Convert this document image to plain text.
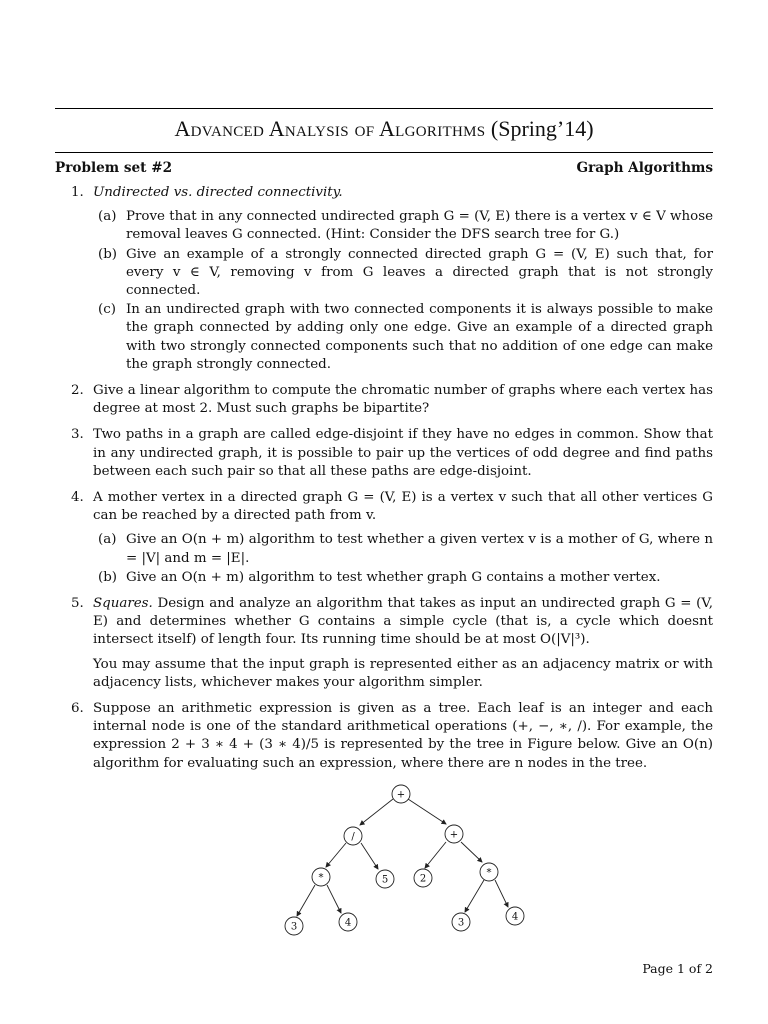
Advanced Analysis of Algorithms (Spring’14)
Problem set #2	Graph Algorithms
1. Undirected vs. directed connectivity.
(a) Prove that in any connected undirected graph G = (V, E) there is a vertex v ∈ V whose removal leaves G connected. (Hint: Consider the DFS search tree for G.)
(b) Give an example of a strongly connected directed graph G = (V, E) such that, for every v ∈ V, removing v from G leaves a directed graph that is not strongly connected.
(c) In an undirected graph with two connected components it is always possible to make the graph connected by adding only one edge. Give an example of a directed graph with two strongly connected components such that no addition of one edge can make the graph strongly connected.
2. Give a linear algorithm to compute the chromatic number of graphs where each vertex has degree at most 2. Must such graphs be bipartite?
3. Two paths in a graph are called edge-disjoint if they have no edges in common. Show that in any undirected graph, it is possible to pair up the vertices of odd degree and find paths between each such pair so that all these paths are edge-disjoint.
4. A mother vertex in a directed graph G = (V, E) is a vertex v such that all other vertices G can be reached by a directed path from v.
(a) Give an O(n + m) algorithm to test whether a given vertex v is a mother of G, where n = |V| and m = |E|.
(b) Give an O(n + m) algorithm to test whether graph G contains a mother vertex.
5. Squares. Design and analyze an algorithm that takes as input an undirected graph G = (V, E) and determines whether G contains a simple cycle (that is, a cycle which doesnt intersect itself) of length four. Its running time should be at most O(|V|³).
You may assume that the input graph is represented either as an adjacency matrix or with adjacency lists, whichever makes your algorithm simpler.
6. Suppose an arithmetic expression is given as a tree. Each leaf is an integer and each internal node is one of the standard arithmetical operations (+, −, ∗, /). For example, the expression 2 + 3 ∗ 4 + (3 ∗ 4)/5 is represented by the tree in Figure below. Give an O(n) algorithm for evaluating such an expression, where there are n nodes in the tree.
+
/	+
*	5	2
*
3	4	3
4
Page 1 of 2
